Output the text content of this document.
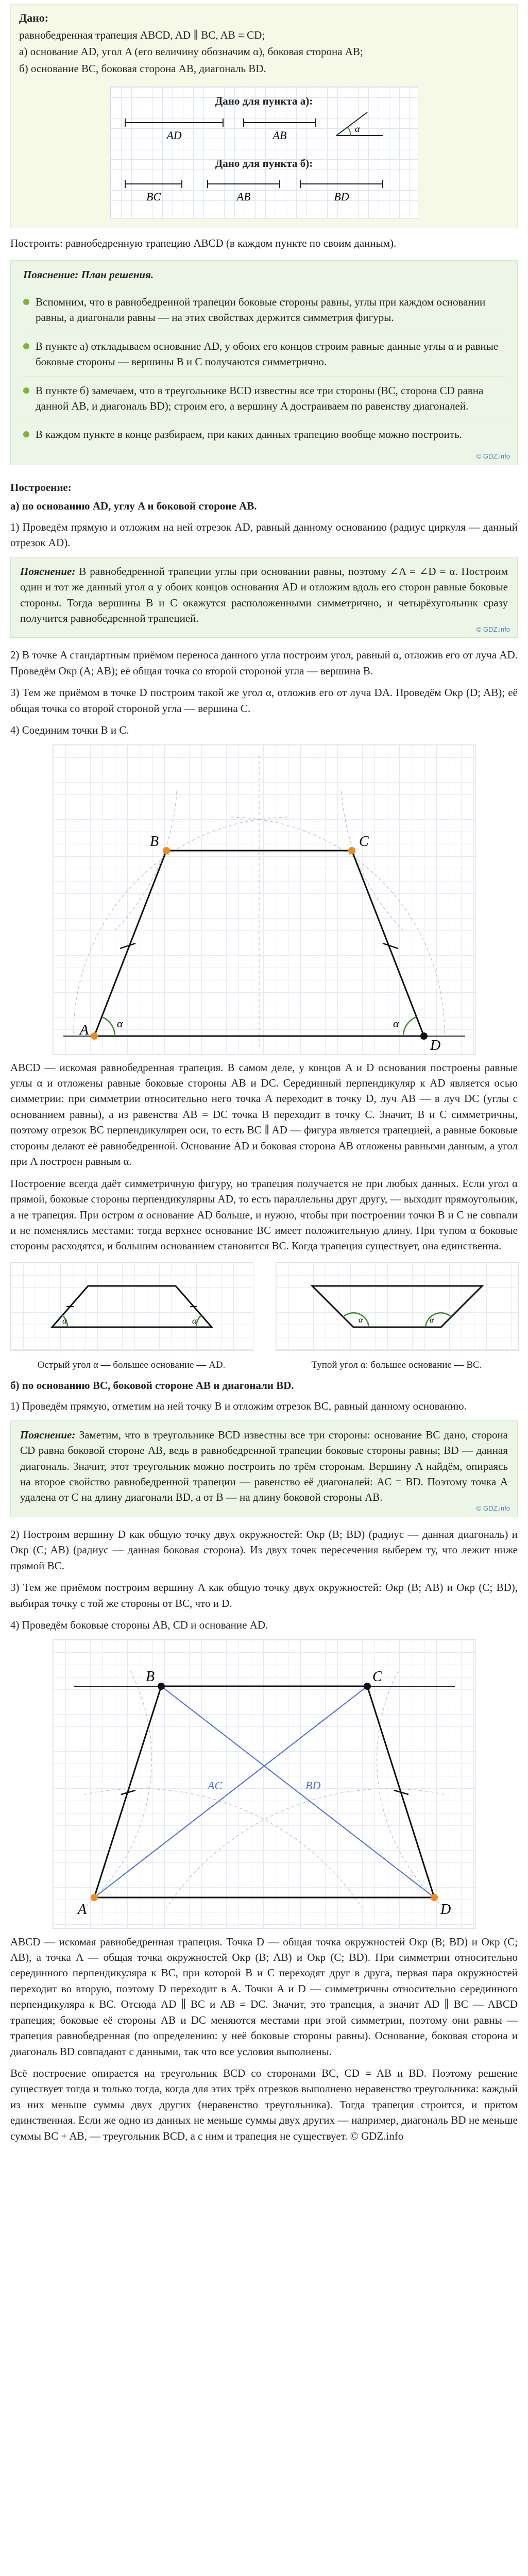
Дано:
равнобедренная трапеция ABCD, AD ∥ BC, AB = CD;
а) основание AD, угол A (его величину обозначим α), боковая сторона AB;
б) основание BC, боковая сторона AB, диагональ BD.
Дано для пункта а):
AD	AB	α
Дано для пункта б):
BC	AB	BD
Построить: равнобедренную трапецию ABCD (в каждом пункте по своим данным).
Пояснение: План решения.
Вспомним, что в равнобедренной трапеции боковые стороны равны, углы при каждом основании равны, а диагонали равны — на этих свойствах держится симметрия фигуры.
В пункте а) откладываем основание AD, у обоих его концов строим равные данные углы α и равные боковые стороны — вершины B и C получаются симметрично.
В пункте б) замечаем, что в треугольнике BCD известны все три стороны (BC, сторона CD равна данной AB, и диагональ BD); строим его, а вершину A достраиваем по равенству диагоналей.
В каждом пункте в конце разбираем, при каких данных трапецию вообще можно построить.
© GDZ.info
Построение:
а) по основанию AD, углу A и боковой стороне AB.

1) Проведём прямую и отложим на ней отрезок AD, равный данному основанию (радиус циркуля — данный отрезок AD).

Пояснение: В равнобедренной трапеции углы при основании равны, поэтому ∠A = ∠D = α. Построим один и тот же данный угол α у обоих концов основания AD и отложим вдоль его сторон равные боковые стороны. Тогда вершины B и C окажутся расположенными симметрично, и четырёхугольник сразу получится равнобедренной трапецией.

© GDZ.info

2) В точке A стандартным приёмом переноса данного угла построим угол, равный α, отложив его от луча AD. Проведём Окр (A; AB); её общая точка со второй стороной угла — вершина B.

3) Тем же приёмом в точке D построим такой же угол α, отложив его от луча DA. Проведём Окр (D; AB); её общая точка со второй стороной угла — вершина C.

4) Соединим точки B и C.

A
B	C
D
α	α

ABCD — искомая равнобедренная трапеция. В самом деле, у концов A и D основания построены равные углы α и отложены равные боковые стороны AB и DC. Серединный перпендикуляр к AD является осью симметрии: при симметрии относительно него точка A переходит в точку D, луч AB — в луч DC (углы с основанием равны), а из равенства AB = DC точка B переходит в точку C. Значит, B и C симметричны, поэтому отрезок BC перпендикулярен оси, то есть BC ∥ AD — фигура является трапецией, а равные боковые стороны делают её равнобедренной. Основание AD и боковая сторона AB отложены равными данным, а угол при A построен равным α.

Построение всегда даёт симметричную фигуру, но трапеция получается не при любых данных. Если угол α прямой, боковые стороны перпендикулярны AD, то есть параллельны друг другу, — выходит прямоугольник, а не трапеция. При остром α основание AD больше, и нужно, чтобы при построении точки B и C не совпали и не поменялись местами: тогда верхнее основание BC имеет положительную длину. При тупом α боковые стороны расходятся, и большим основанием становится BC. Когда трапеция существует, она единственна.

α	α
Острый угол α — большее основание — AD.
α	α
Тупой угол α: большее основание — BC.
б) по основанию BC, боковой стороне AB и диагонали BD.

1) Проведём прямую, отметим на ней точку B и отложим отрезок BC, равный данному основанию.

Пояснение: Заметим, что в треугольнике BCD известны все три стороны: основание BC дано, сторона CD равна боковой стороне AB, ведь в равнобедренной трапеции боковые стороны равны; BD — данная диагональ. Значит, этот треугольник можно построить по трём сторонам. Вершину A найдём, опираясь на второе свойство равнобедренной трапеции — равенство её диагоналей: AC = BD. Поэтому точка A удалена от C на длину диагонали BD, а от B — на длину боковой стороны AB.

© GDZ.info

2) Построим вершину D как общую точку двух окружностей: Окр (B; BD) (радиус — данная диагональ) и Окр (C; AB) (радиус — данная боковая сторона). Из двух точек пересечения выберем ту, что лежит ниже прямой BC.

3) Тем же приёмом построим вершину A как общую точку двух окружностей: Окр (B; AB) и Окр (C; BD), выбирая точку с той же стороны от BC, что и D.

4) Проведём боковые стороны AB, CD и основание AD.

B	C
A	D
AC	BD

ABCD — искомая равнобедренная трапеция. Точка D — общая точка окружностей Окр (B; BD) и Окр (C; AB), а точка A — общая точка окружностей Окр (B; AB) и Окр (C; BD). При симметрии относительно серединного перпендикуляра к BC, при которой B и C переходят друг в друга, первая пара окружностей переходит во вторую, поэтому D переходит в A. Точки A и D — симметричны относительно серединного перпендикуляра к BC. Отсюда AD ∥ BC и AB = DC. Значит, это трапеция, а значит AD ∥ BC — ABCD трапеция; боковые её стороны AB и DC меняются местами при этой симметрии, поэтому они равны — трапеция равнобедренная (по определению: у неё боковые стороны равны). Основание, боковая сторона и диагональ BD совпадают с данными, так что все условия выполнены.

Всё построение опирается на треугольник BCD со сторонами BC, CD = AB и BD. Поэтому решение существует тогда и только тогда, когда для этих трёх отрезков выполнено неравенство треугольника: каждый из них меньше суммы двух других (неравенство треугольника). Тогда трапеция строится, и притом единственная. Если же одно из данных не меньше суммы двух других — например, диагональ BD не меньше суммы BC + AB, — треугольник BCD, а с ним и трапеция не существует. © GDZ.info
